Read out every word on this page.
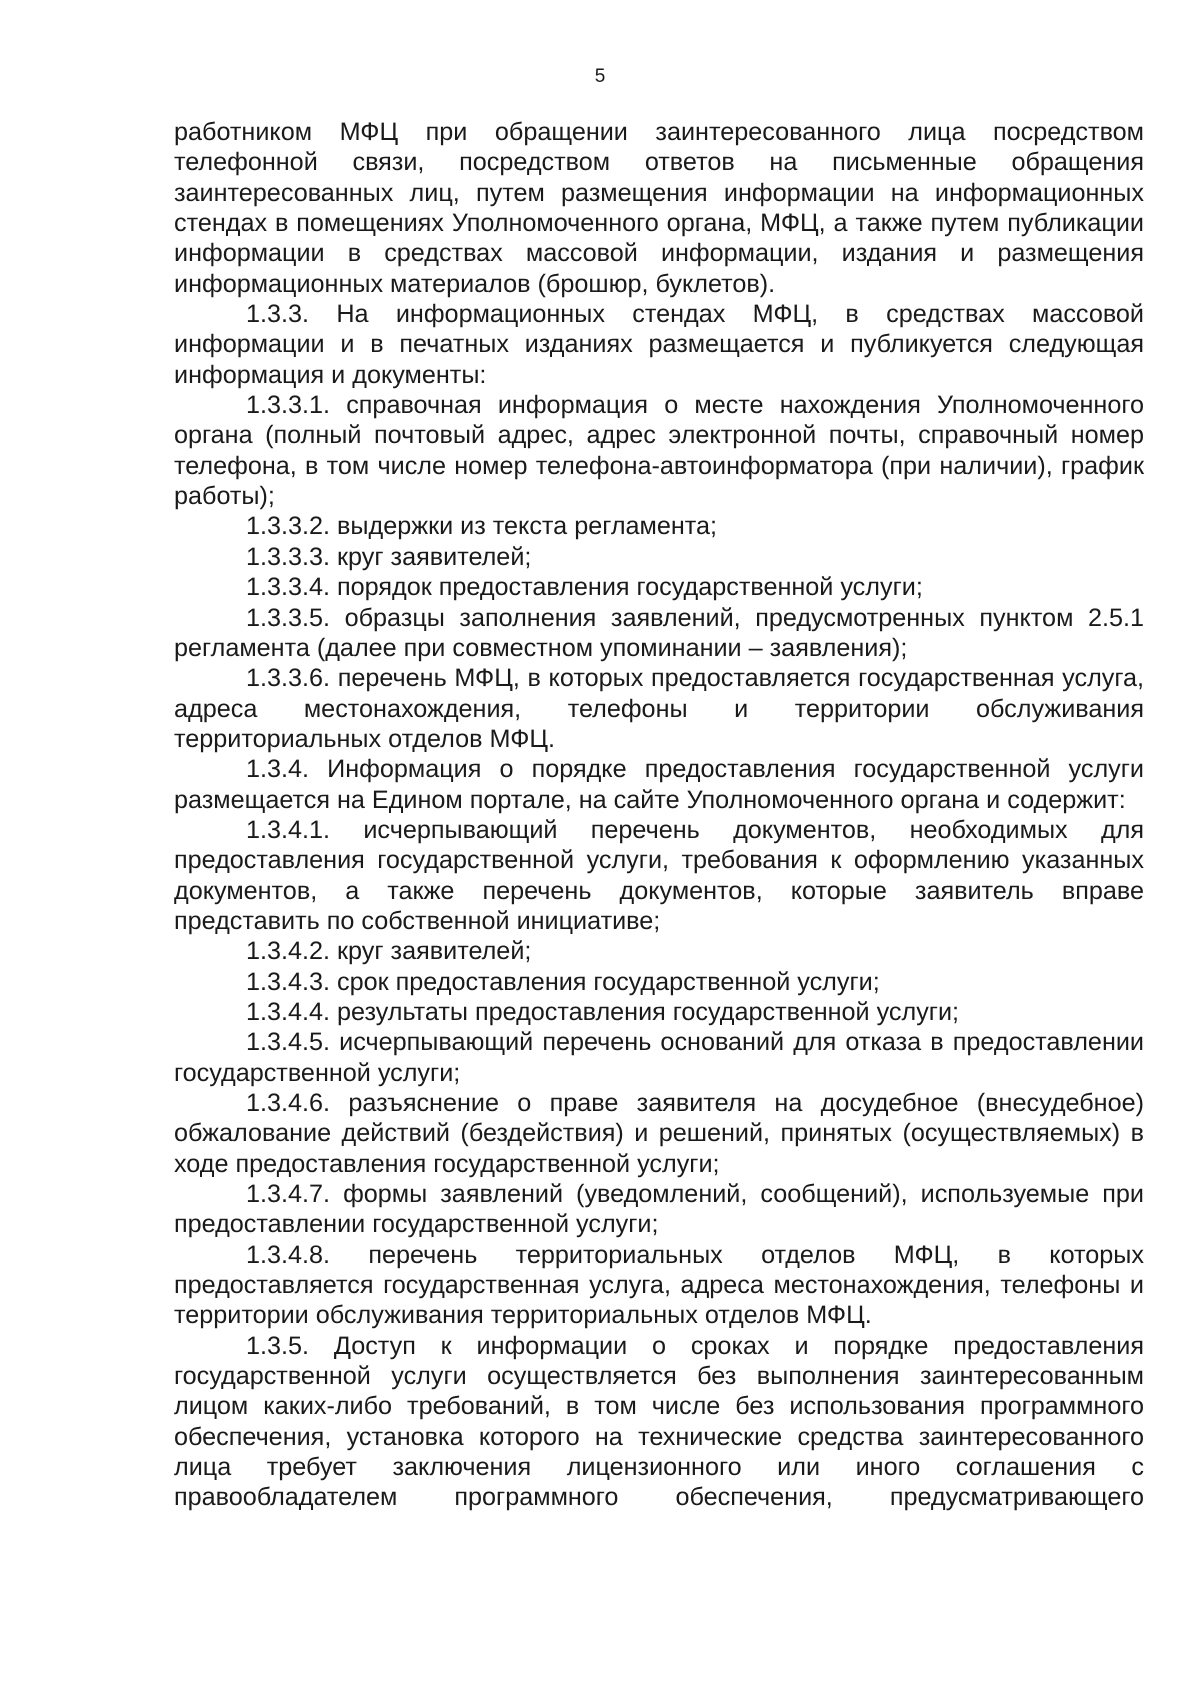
5

работником МФЦ при обращении заинтересованного лица посредством телефонной связи, посредством ответов на письменные обращения заинтересованных лиц, путем размещения информации на информационных стендах в помещениях Уполномоченного органа, МФЦ, а также путем публикации информации в средствах массовой информации, издания и размещения информационных материалов (брошюр, буклетов).

1.3.3. На информационных стендах МФЦ, в средствах массовой информации и в печатных изданиях размещается и публикуется следующая информация и документы:

1.3.3.1. справочная информация о месте нахождения Уполномоченного органа (полный почтовый адрес, адрес электронной почты, справочный номер телефона, в том числе номер телефона-автоинформатора (при наличии), график работы);

1.3.3.2. выдержки из текста регламента;

1.3.3.3. круг заявителей;

1.3.3.4. порядок предоставления государственной услуги;

1.3.3.5. образцы заполнения заявлений, предусмотренных пунктом 2.5.1 регламента (далее при совместном упоминании – заявления);

1.3.3.6. перечень МФЦ, в которых предоставляется государственная услуга, адреса местонахождения, телефоны и территории обслуживания территориальных отделов МФЦ.

1.3.4. Информация о порядке предоставления государственной услуги размещается на Едином портале, на сайте Уполномоченного органа и содержит:

1.3.4.1. исчерпывающий перечень документов, необходимых для предоставления государственной услуги, требования к оформлению указанных документов, а также перечень документов, которые заявитель вправе представить по собственной инициативе;

1.3.4.2. круг заявителей;

1.3.4.3. срок предоставления государственной услуги;

1.3.4.4. результаты предоставления государственной услуги;

1.3.4.5. исчерпывающий перечень оснований для отказа в предоставлении государственной услуги;

1.3.4.6. разъяснение о праве заявителя на досудебное (внесудебное) обжалование действий (бездействия) и решений, принятых (осуществляемых) в ходе предоставления государственной услуги;

1.3.4.7. формы заявлений (уведомлений, сообщений), используемые при предоставлении государственной услуги;

1.3.4.8. перечень территориальных отделов МФЦ, в которых предоставляется государственная услуга, адреса местонахождения, телефоны и территории обслуживания территориальных отделов МФЦ.

1.3.5. Доступ к информации о сроках и порядке предоставления государственной услуги осуществляется без выполнения заинтересованным лицом каких-либо требований, в том числе без использования программного обеспечения, установка которого на технические средства заинтересованного лица требует заключения лицензионного или иного соглашения с правообладателем программного обеспечения, предусматривающего
